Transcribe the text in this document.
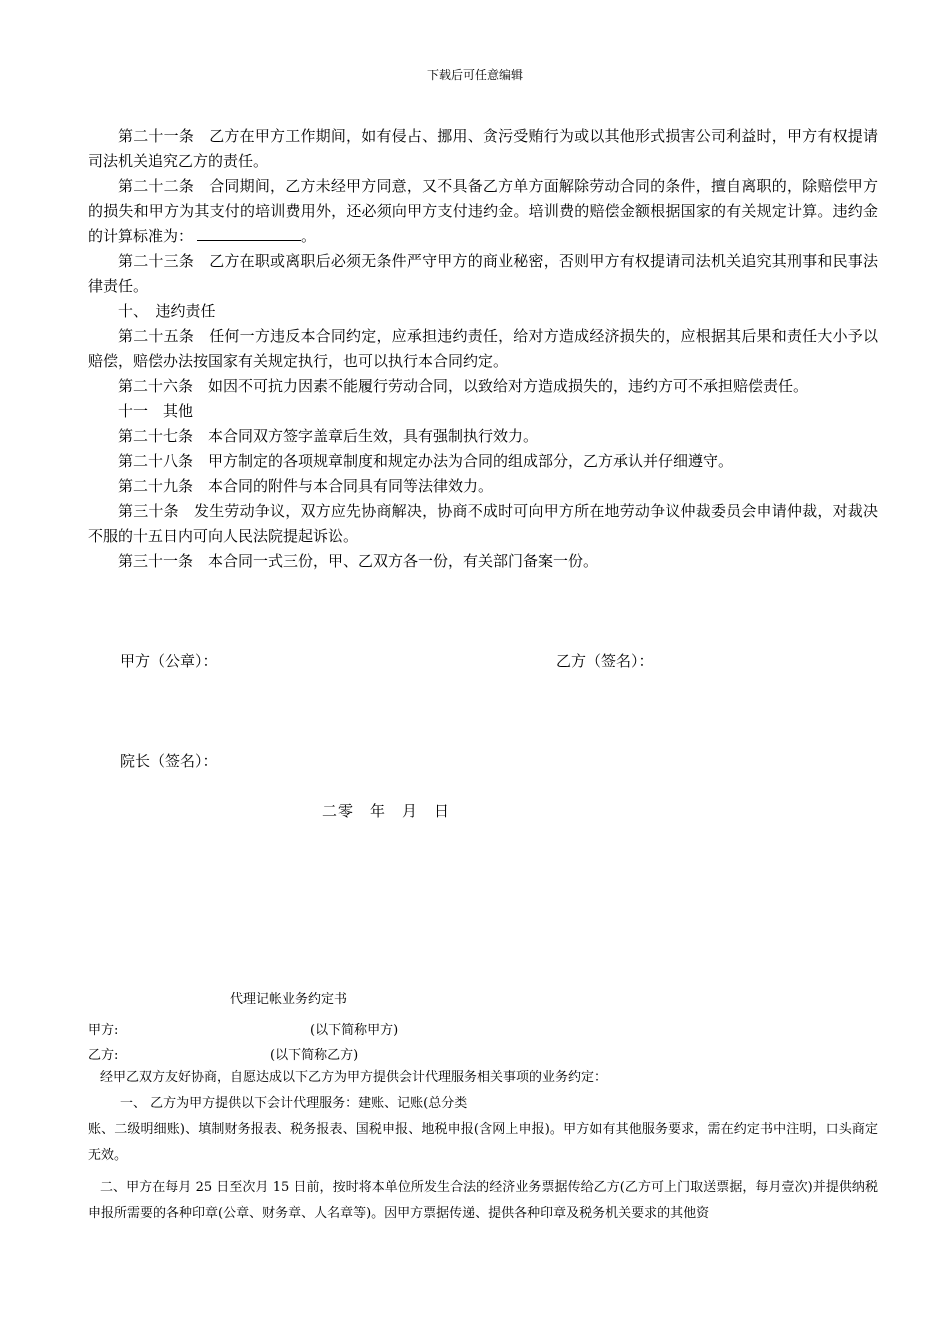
下载后可任意编辑

第二十一条　乙方在甲方工作期间，如有侵占、挪用、贪污受贿行为或以其他形式损害公司利益时，甲方有权提请司法机关追究乙方的责任。

第二十二条　合同期间，乙方未经甲方同意，又不具备乙方单方面解除劳动合同的条件，擅自离职的，除赔偿甲方的损失和甲方为其支付的培训费用外，还必须向甲方支付违约金。培训费的赔偿金额根据国家的有关规定计算。违约金的计算标准为：	。

第二十三条　乙方在职或离职后必须无条件严守甲方的商业秘密，否则甲方有权提请司法机关追究其刑事和民事法律责任。

十、　违约责任

第二十五条　任何一方违反本合同约定，应承担违约责任，给对方造成经济损失的，应根据其后果和责任大小予以赔偿，赔偿办法按国家有关规定执行，也可以执行本合同约定。

第二十六条　如因不可抗力因素不能履行劳动合同，以致给对方造成损失的，违约方可不承担赔偿责任。

十一　其他

第二十七条　本合同双方签字盖章后生效，具有强制执行效力。

第二十八条　甲方制定的各项规章制度和规定办法为合同的组成部分，乙方承认并仔细遵守。

第二十九条　本合同的附件与本合同具有同等法律效力。

第三十条　发生劳动争议，双方应先协商解决，协商不成时可向甲方所在地劳动争议仲裁委员会申请仲裁，对裁决不服的十五日内可向人民法院提起诉讼。

第三十一条　本合同一式三份，甲、乙双方各一份，有关部门备案一份。

甲方（公章）：	乙方（签名）：
院长（签名）：
二零　年　月　日
代理记帐业务约定书
甲方:	(以下简称甲方)
乙方:	(以下简称乙方)

经甲乙双方友好协商，自愿达成以下乙方为甲方提供会计代理服务相关事项的业务约定：

一、 乙方为甲方提供以下会计代理服务：建账、记账(总分类

账、二级明细账)、填制财务报表、税务报表、国税申报、地税申报(含网上申报)。甲方如有其他服务要求，需在约定书中注明，口头商定无效。

二、甲方在每月 25 日至次月 15 日前，按时将本单位所发生合法的经济业务票据传给乙方(乙方可上门取送票据，每月壹次)并提供纳税申报所需要的各种印章(公章、财务章、人名章等)。因甲方票据传递、提供各种印章及税务机关要求的其他资
